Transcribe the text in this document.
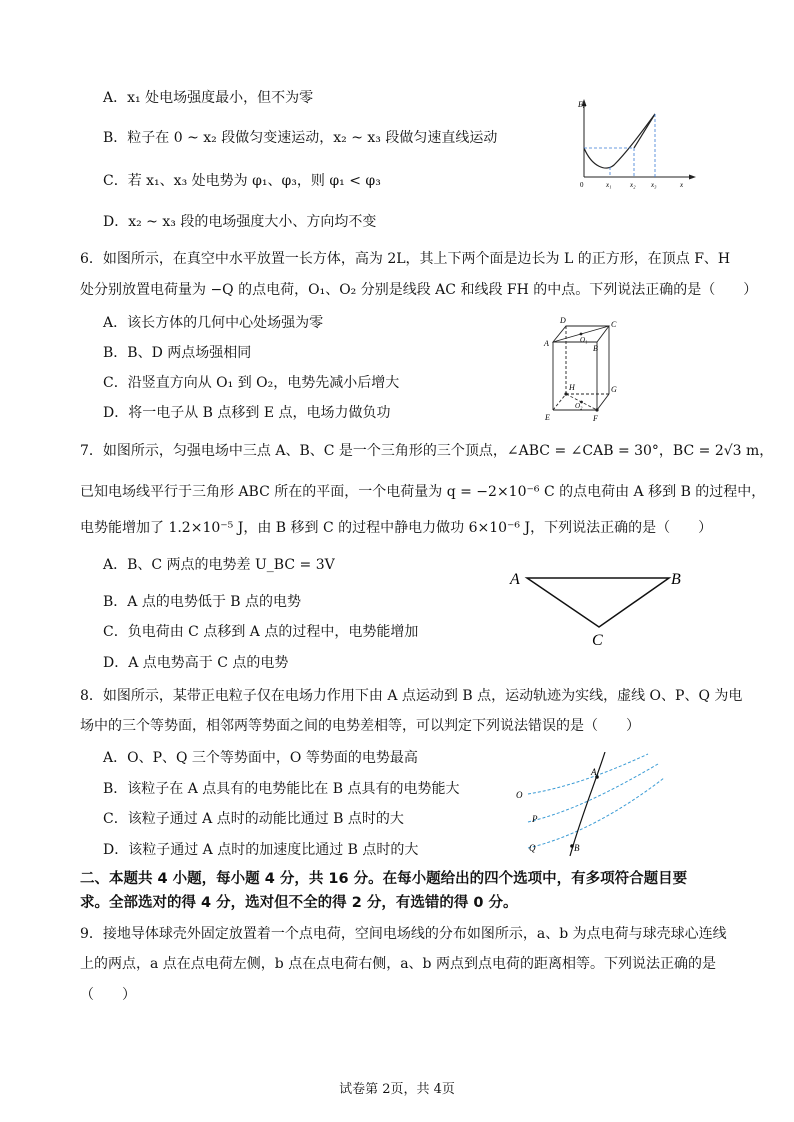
A．x₁ 处电场强度最小，但不为零
B．粒子在 0 ~ x₂ 段做匀变速运动，x₂ ~ x₃ 段做匀速直线运动
C．若 x₁、x₃ 处电势为 φ₁、φ₃，则 φ₁ < φ₃
D．x₂ ~ x₃ 段的电场强度大小、方向均不变
Eₚ
0	x₁	x₂ x₃	x
6．如图所示，在真空中水平放置一长方体，高为 2L，其上下两个面是边长为 L 的正方形，在顶点 F、H
处分别放置电荷量为 −Q 的点电荷，O₁、O₂ 分别是线段 AC 和线段 FH 的中点。下列说法正确的是（　　）
A．该长方体的几何中心处场强为零
B．B、D 两点场强相同
C．沿竖直方向从 O₁ 到 O₂，电势先减小后增大
D．将一电子从 B 点移到 E 点，电场力做负功
D	C
A
B
O₁
H	G
O₂
E	F
7．如图所示，匀强电场中三点 A、B、C 是一个三角形的三个顶点，∠ABC = ∠CAB = 30°，BC = 2√3 m，
已知电场线平行于三角形 ABC 所在的平面，一个电荷量为 q = −2×10⁻⁶ C 的点电荷由 A 移到 B 的过程中，
电势能增加了 1.2×10⁻⁵ J，由 B 移到 C 的过程中静电力做功 6×10⁻⁶ J，下列说法正确的是（　　）
A．B、C 两点的电势差 U_BC = 3V
B．A 点的电势低于 B 点的电势
C．负电荷由 C 点移到 A 点的过程中，电势能增加
D．A 点电势高于 C 点的电势
A	B
C
8．如图所示，某带正电粒子仅在电场力作用下由 A 点运动到 B 点，运动轨迹为实线，虚线 O、P、Q 为电
场中的三个等势面，相邻两等势面之间的电势差相等，可以判定下列说法错误的是（　　）
A．O、P、Q 三个等势面中，O 等势面的电势最高
B．该粒子在 A 点具有的电势能比在 B 点具有的电势能大
C．该粒子通过 A 点时的动能比通过 B 点时的大
D．该粒子通过 A 点时的加速度比通过 B 点时的大
A
B
O
P
Q
二、本题共 4 小题，每小题 4 分，共 16 分。在每小题给出的四个选项中，有多项符合题目要
求。全部选对的得 4 分，选对但不全的得 2 分，有选错的得 0 分。
9．接地导体球壳外固定放置着一个点电荷，空间电场线的分布如图所示，a、b 为点电荷与球壳球心连线
上的两点，a 点在点电荷左侧，b 点在点电荷右侧，a、b 两点到点电荷的距离相等。下列说法正确的是
（　　）
试卷第 2页，共 4页
